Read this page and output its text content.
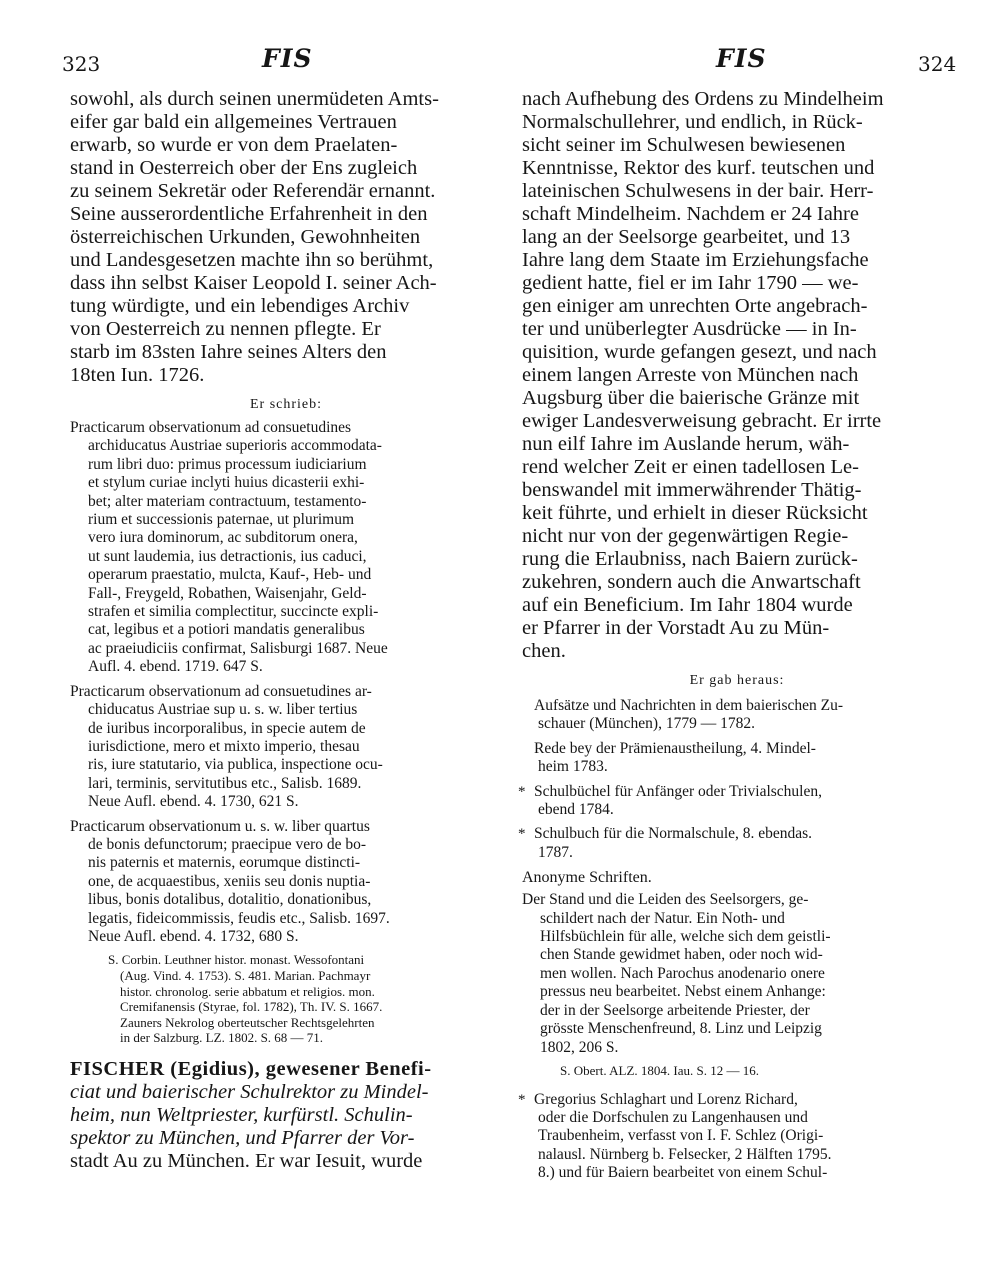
323	FIS	FIS	324
sowohl, als durch seinen unermüdeten Amts-
eifer gar bald ein allgemeines Vertrauen
erwarb, so wurde er von dem Praelaten-
stand in Oesterreich ober der Ens zugleich
zu seinem Sekretär oder Referendär ernannt.
Seine ausserordentliche Erfahrenheit in den
österreichischen Urkunden, Gewohnheiten
und Landesgesetzen machte ihn so berühmt,
dass ihn selbst Kaiser Leopold I. seiner Ach-
tung würdigte, und ein lebendiges Archiv
von Oesterreich zu nennen pflegte. Er
starb im 83sten Iahre seines Alters den
18ten Iun. 1726.
Er schrieb:
Practicarum observationum ad consuetudines
archiducatus Austriae superioris accommodata-
rum libri duo: primus processum iudiciarium
et stylum curiae inclyti huius dicasterii exhi-
bet; alter materiam contractuum, testamento-
rium et successionis paternae, ut plurimum
vero iura dominorum, ac subditorum onera,
ut sunt laudemia, ius detractionis, ius caduci,
operarum praestatio, mulcta, Kauf-, Heb- und
Fall-, Freygeld, Robathen, Waisenjahr, Geld-
strafen et similia complectitur, succincte expli-
cat, legibus et a potiori mandatis generalibus
ac praeiudiciis confirmat, Salisburgi 1687. Neue
Aufl. 4. ebend. 1719. 647 S.
Practicarum observationum ad consuetudines ar-
chiducatus Austriae sup u. s. w. liber tertius
de iuribus incorporalibus, in specie autem de
iurisdictione, mero et mixto imperio, thesau
ris, iure statutario, via publica, inspectione ocu-
lari, terminis, servitutibus etc., Salisb. 1689.
Neue Aufl. ebend. 4. 1730, 621 S.
Practicarum observationum u. s. w. liber quartus
de bonis defunctorum; praecipue vero de bo-
nis paternis et maternis, eorumque distincti-
one, de acquaestibus, xeniis seu donis nuptia-
libus, bonis dotalibus, dotalitio, donationibus,
legatis, fideicommissis, feudis etc., Salisb. 1697.
Neue Aufl. ebend. 4. 1732, 680 S.
S. Corbin. Leuthner histor. monast. Wessofontani
(Aug. Vind. 4. 1753). S. 481. Marian. Pachmayr
histor. chronolog. seriе abbatum et religios. mon.
Cremifanensis (Styrae, fol. 1782), Th. IV. S. 1667.
Zauners Nekrolog oberteutscher Rechtsgelehrten
in der Salzburg. LZ. 1802. S. 68 — 71.
FISCHER (Egidius), gewesener Benefi-
ciat und baierischer Schulrektor zu Mindel-
heim, nun Weltpriester, kurfürstl. Schulin-
spektor zu München, und Pfarrer der Vor-
stadt Au zu München. Er war Iesuit, wurde
nach Aufhebung des Ordens zu Mindelheim
Normalschullehrer, und endlich, in Rück-
sicht seiner im Schulwesen bewiesenen
Kenntnisse, Rektor des kurf. teutschen und
lateinischen Schulwesens in der bair. Herr-
schaft Mindelheim. Nachdem er 24 Iahre
lang an der Seelsorge gearbeitet, und 13
Iahre lang dem Staate im Erziehungsfache
gedient hatte, fiel er im Iahr 1790 — we-
gen einiger am unrechten Orte angebrach-
ter und unüberlegter Ausdrücke — in In-
quisition, wurde gefangen gesezt, und nach
einem langen Arreste von München nach
Augsburg über die baierische Gränze mit
ewiger Landesverweisung gebracht. Er irrte
nun eilf Iahre im Auslande herum, wäh-
rend welcher Zeit er einen tadellosen Le-
benswandel mit immerwährender Thätig-
keit führte, und erhielt in dieser Rücksicht
nicht nur von der gegenwärtigen Regie-
rung die Erlaubniss, nach Baiern zurück-
zukehren, sondern auch die Anwartschaft
auf ein Beneficium. Im Iahr 1804 wurde
er Pfarrer in der Vorstadt Au zu Mün-
chen.
Er gab heraus:
Aufsätze und Nachrichten in dem baierischen Zu-
schauer (München), 1779 — 1782.
Rede bey der Prämienaustheilung, 4. Mindel-
heim 1783.
* Schulbüchel für Anfänger oder Trivialschulen,
ebend 1784.
* Schulbuch für die Normalschule, 8. ebendas.
1787.
Anonyme Schriften.
Der Stand und die Leiden des Seelsorgers, ge-
schildert nach der Natur. Ein Noth- und
Hilfsbüchlein für alle, welche sich dem geistli-
chen Stande gewidmet haben, oder noch wid-
men wollen. Nach Parochus anodenario onere
pressus neu bearbeitet. Nebst einem Anhange:
der in der Seelsorge arbeitende Priester, der
grösste Menschenfreund, 8. Linz und Leipzig
1802, 206 S.
S. Obert. ALZ. 1804. Iau. S. 12 — 16.
* Gregorius Schlaghart und Lorenz Richard,
oder die Dorfschulen zu Langenhausen und
Traubenheim, verfasst von I. F. Schlez (Origi-
nalausl. Nürnberg b. Felsecker, 2 Hälften 1795.
8.) und für Baiern bearbeitet von einem Schul-
